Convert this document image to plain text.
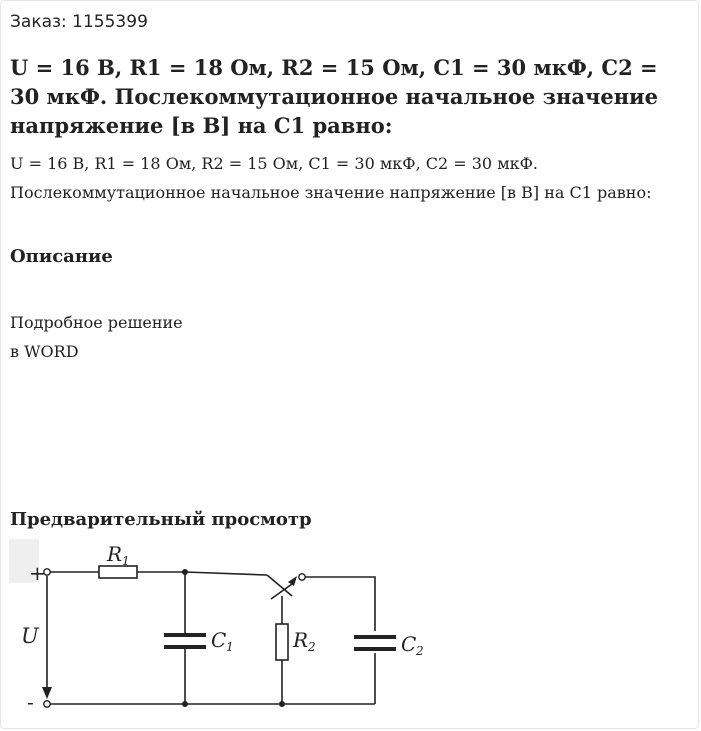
Заказ: 1155399
U = 16 В, R1 = 18 Ом, R2 = 15 Ом, C1 = 30 мкФ, C2 = 30 мкФ. Послекоммутационное начальное значение напряжение [в В] на C1 равно:

U = 16 В, R1 = 18 Ом, R2 = 15 Ом, C1 = 30 мкФ, C2 = 30 мкФ. Послекоммутационное начальное значение напряжение [в В] на C1 равно:

Описание

Подробное решение

в WORD

Предварительный просмотр
+
-
U
R 1
C 1	R 2	C 2
